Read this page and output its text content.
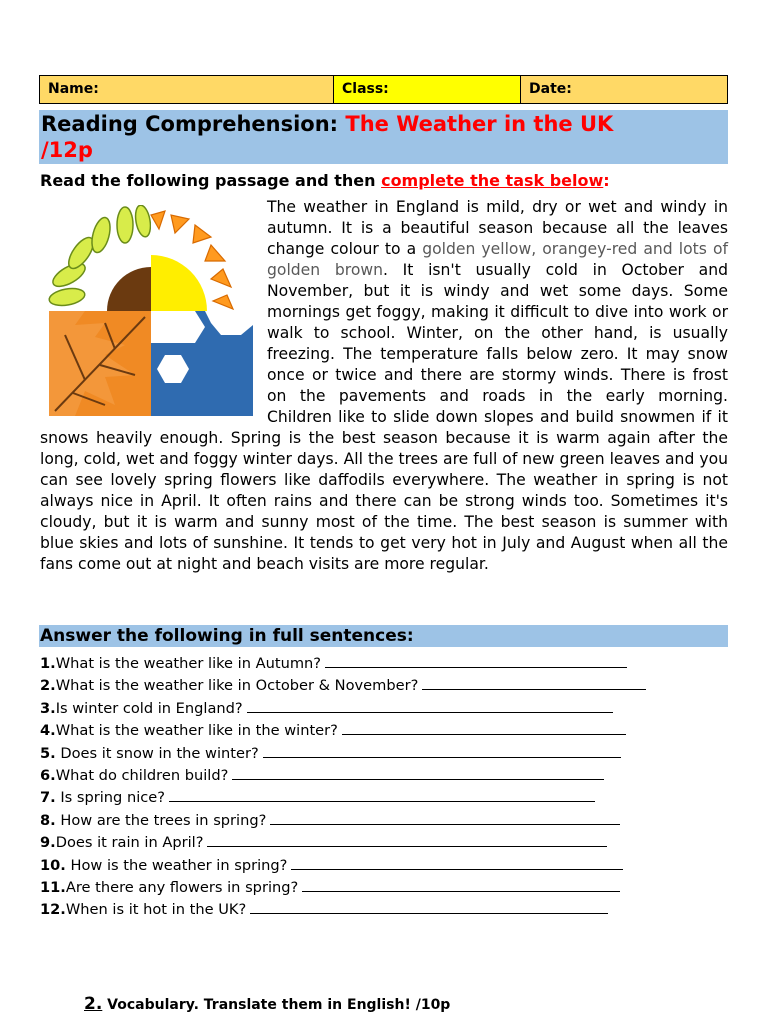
Name:	Class:	Date:
Reading Comprehension: The Weather in the UK
/12p
Read the following passage and then complete the task below:

The weather in England is mild, dry or wet and windy in autumn. It is a beautiful season because all the leaves change colour to a golden yellow, orangey-red and lots of golden brown. It isn't usually cold in October and November, but it is windy and wet some days. Some mornings get foggy, making it difficult to dive into work or walk to school. Winter, on the other hand, is usually freezing. The temperature falls below zero. It may snow once or twice and there are stormy winds. There is frost on the pavements and roads in the early morning. Children like to slide down slopes and build snowmen if it snows heavily enough. Spring is the best season because it is warm again after the long, cold, wet and foggy winter days. All the trees are full of new green leaves and you can see lovely spring flowers like daffodils everywhere. The weather in spring is not always nice in April. It often rains and there can be strong winds too. Sometimes it's cloudy, but it is warm and sunny most of the time. The best season is summer with blue skies and lots of sunshine. It tends to get very hot in July and August when all the fans come out at night and beach visits are more regular.

Answer the following in full sentences:
1.What is the weather like in Autumn?
2.What is the weather like in October & November?
3.Is winter cold in England?
4.What is the weather like in the winter?
5. Does it snow in the winter?
6.What do children build?
7. Is spring nice?
8. How are the trees in spring?
9.Does it rain in April?
10. How is the weather in spring?
11.Are there any flowers in spring?
12.When is it hot in the UK?
2. Vocabulary. Translate them in English! /10p
